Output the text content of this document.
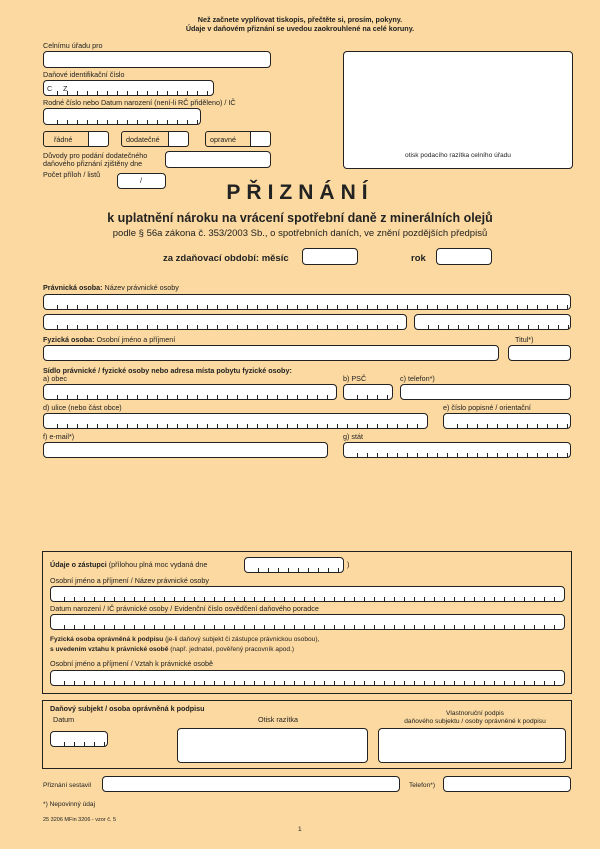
Než začnete vyplňovat tiskopis, přečtěte si, prosím, pokyny.
Údaje v daňovém přiznání se uvedou zaokrouhlené na celé koruny.
Celnímu úřadu pro
Daňové identifikační číslo
C Z
Rodné číslo nebo Datum narození (není-li RČ přiděleno) / IČ
řádné	dodatečné	opravné
Důvody pro podání dodatečného
daňového přiznání zjištěny dne
Počet příloh / listů
/
otisk podacího razítka celního úřadu
PŘIZNÁNÍ
k uplatnění nároku na vrácení spotřební daně z minerálních olejů
podle § 56a zákona č. 353/2003 Sb., o spotřebních daních, ve znění pozdějších předpisů
za zdaňovací období: měsíc	rok
Právnická osoba: Název právnické osoby
Fyzická osoba: Osobní jméno a příjmení	Titul*)
Sídlo právnické / fyzické osoby nebo adresa místa pobytu fyzické osoby:
a) obec	b) PSČ	c) telefon*)
d) ulice (nebo část obce)	e) číslo popisné / orientační
f) e-mail*)	g) stát
Údaje o zástupci (přílohou plná moc vydaná dne	)
Osobní jméno a příjmení / Název právnické osoby
Datum narození / IČ právnické osoby / Evidenční číslo osvědčení daňového poradce
Fyzická osoba oprávněná k podpisu (je-li daňový subjekt či zástupce právnickou osobou),
s uvedením vztahu k právnické osobě (např. jednatel, pověřený pracovník apod.)
Osobní jméno a příjmení / Vztah k právnické osobě
Daňový subjekt / osoba oprávněná k podpisu
Datum	Otisk razítka
Vlastnoruční podpis
daňového subjektu / osoby oprávněné k podpisu
Přiznání sestavil	Telefon*)
*) Nepovinný údaj
25 3206 MFin 3206 - vzor č. 5
1
